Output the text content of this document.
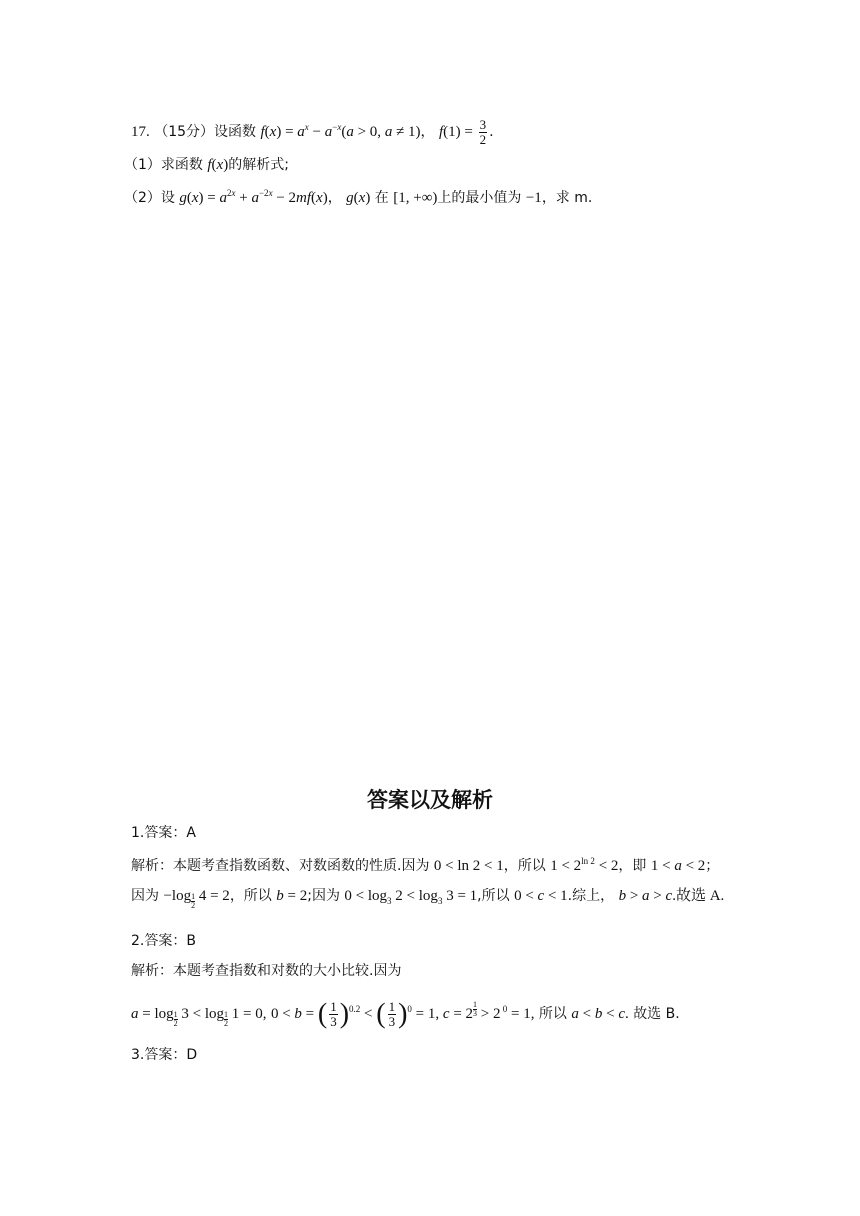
17. （15分）设函数 $f(x) = a^x - a^{-x}(a > 0$, a ≠ 1)， $f(1) = \frac{3}{2}$ .
（1）求函数 f(x)的解析式;
（2）设 $g(x) = a^{2x} + a^{-2x} - 2mf(x)$， g(x) 在 [1, +∞)上的最小值为 −1，求 m.
答案以及解析
1.答案：A
解析：本题考查指数函数、对数函数的性质.因为 0 < ln 2 < 1，所以 $1 < 2^{ln 2} < 2$，即 1 < a < 2；
因为 −log $_{\frac{1}{2}}$ 4 = 2，所以 b = 2;因为 $0 < \log_3 2 < \log_3 3 = 1$,所以 0 < c < 1.综上， b > a > c.故选 A.
2.答案：B
解析：本题考查指数和对数的大小比较.因为
a = log $_{\frac{1}{2}}$ 3 < log $_{\frac{1}{2}}$ 1 = 0, 0 < b = ( $\frac{1}{3} )^{0.2}$ < ( $\frac{1}{3} )^0 = 1$, c = 2 $^{\frac{1}{3}}$ > 2 $^0$ = 1, 所以 a < b < c. 故选 B.
3.答案：D
